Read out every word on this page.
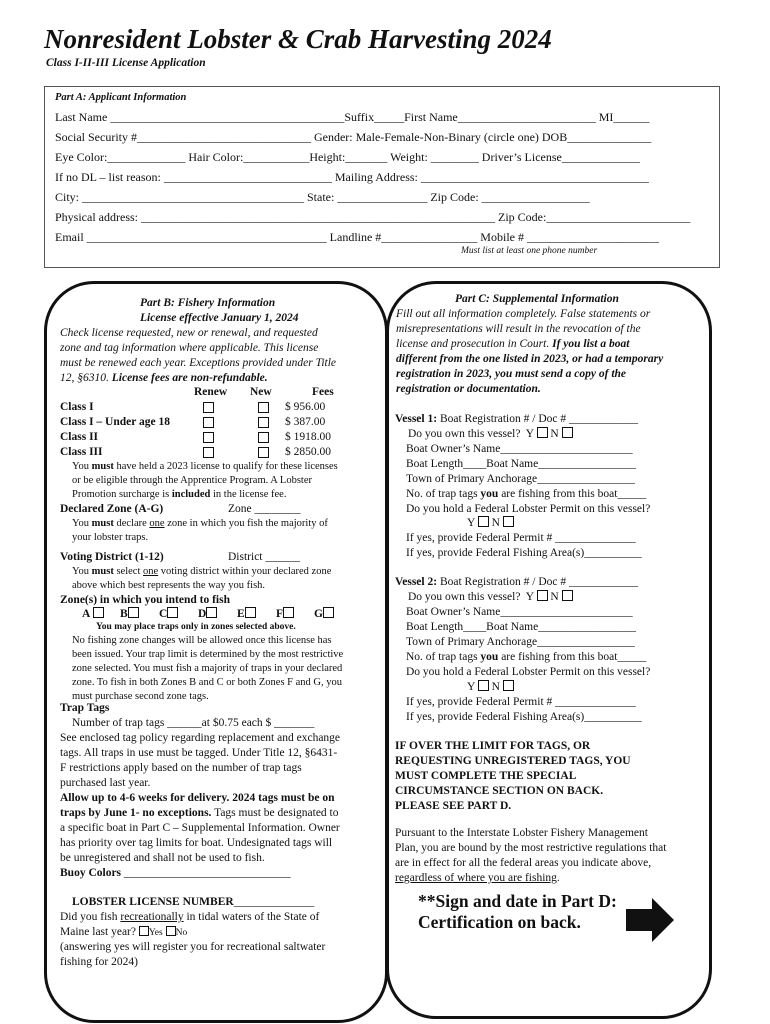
Nonresident Lobster & Crab Harvesting 2024
Class I-II-III License Application
Part A: Applicant Information
Last Name _______________________________________Suffix_____First Name_______________________ MI______
Social Security #_____________________________ Gender: Male-Female-Non-Binary (circle one) DOB______________
Eye Color:_____________ Hair Color:___________Height:_______ Weight: ________ Driver’s License_____________
If no DL – list reason: ____________________________ Mailing Address: ______________________________________
City: _____________________________________ State: _______________ Zip Code: __________________
Physical address: ___________________________________________________________ Zip Code:________________________
Email ________________________________________ Landline #________________ Mobile # ______________________
Must list at least one phone number
Part B: Fishery Information
License effective January 1, 2024
Check license requested, new or renewal, and requested
zone and tag information where applicable. This license
must be renewed each year. Exceptions provided under Title
12, §6310. License fees are non-refundable.
Renew New	Fees
Class I	$ 956.00
Class I – Under age 18	$ 387.00
Class II	$ 1918.00
Class III	$ 2850.00
You must have held a 2023 license to qualify for these licenses
or be eligible through the Apprentice Program. A Lobster
Promotion surcharge is included in the license fee.
Declared Zone (A-G)	Zone ________
You must declare one zone in which you fish the majority of
your lobster traps.
Voting District (1-12)	District ______
You must select one voting district within your declared zone
above which best represents the way you fish.
Zone(s) in which you intend to fish
A	B	C	D	E	F	G
You may place traps only in zones selected above.
No fishing zone changes will be allowed once this license has
been issued. Your trap limit is determined by the most restrictive
zone selected. You must fish a majority of traps in your declared
zone. To fish in both Zones B and C or both Zones F and G, you
must purchase second zone tags.
Trap Tags
Number of trap tags ______at $0.75 each $ _______
See enclosed tag policy regarding replacement and exchange
tags. All traps in use must be tagged. Under Title 12, §6431-
F restrictions apply based on the number of trap tags
purchased last year.
Allow up to 4-6 weeks for delivery. 2024 tags must be on
traps by June 1- no exceptions. Tags must be designated to
a specific boat in Part C – Supplemental Information. Owner
has priority over tag limits for boat. Undesignated tags will
be unregistered and shall not be used to fish.
Buoy Colors _____________________________
LOBSTER LICENSE NUMBER______________
Did you fish recreationally in tidal waters of the State of
Maine last year? Yes No
(answering yes will register you for recreational saltwater
fishing for 2024)
Part C: Supplemental Information
Fill out all information completely. False statements or
misrepresentations will result in the revocation of the
license and prosecution in Court. If you list a boat
different from the one listed in 2023, or had a temporary
registration in 2023, you must send a copy of the
registration or documentation.
Vessel 1: Boat Registration # / Doc # ____________
Do you own this vessel? Y N
Boat Owner’s Name_______________________
Boat Length____Boat Name_________________
Town of Primary Anchorage_________________
No. of trap tags you are fishing from this boat_____
Do you hold a Federal Lobster Permit on this vessel?
Y N
If yes, provide Federal Permit # ______________
If yes, provide Federal Fishing Area(s)__________
Vessel 2: Boat Registration # / Doc # ____________
Do you own this vessel? Y N
Boat Owner’s Name_______________________
Boat Length____Boat Name_________________
Town of Primary Anchorage_________________
No. of trap tags you are fishing from this boat_____
Do you hold a Federal Lobster Permit on this vessel?
Y N
If yes, provide Federal Permit # ______________
If yes, provide Federal Fishing Area(s)__________
IF OVER THE LIMIT FOR TAGS, OR
REQUESTING UNREGISTERED TAGS, YOU
MUST COMPLETE THE SPECIAL
CIRCUMSTANCE SECTION ON BACK.
PLEASE SEE PART D.
Pursuant to the Interstate Lobster Fishery Management
Plan, you are bound by the most restrictive regulations that
are in effect for all the federal areas you indicate above,
regardless of where you are fishing.
**Sign and date in Part D:
Certification on back.
